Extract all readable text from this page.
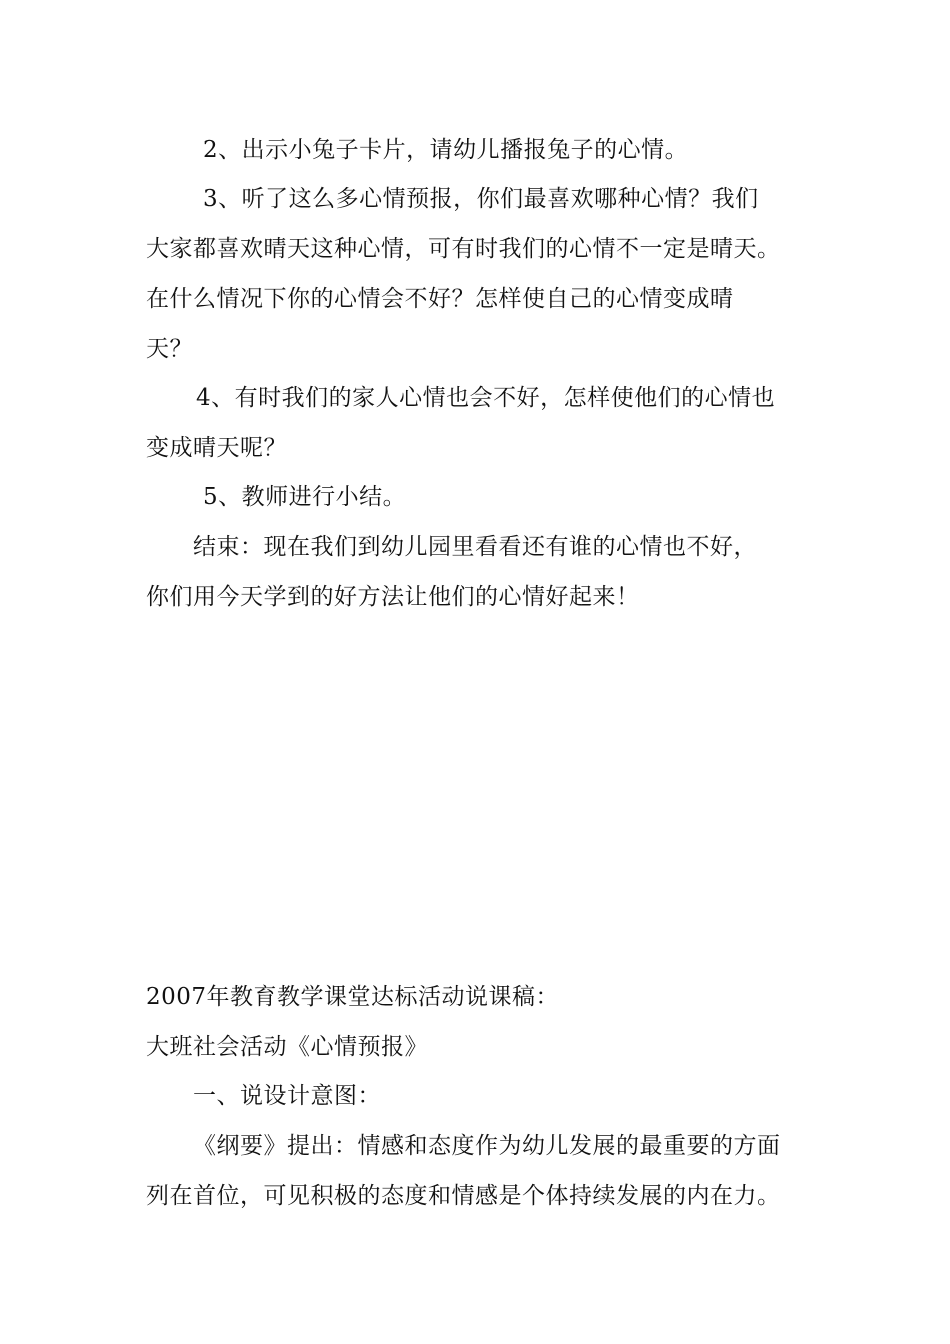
2、出示小兔子卡片，请幼儿播报兔子的心情。
3、听了这么多心情预报，你们最喜欢哪种心情？我们
大家都喜欢晴天这种心情，可有时我们的心情不一定是晴天。
在什么情况下你的心情会不好？怎样使自己的心情变成晴
天？
4、有时我们的家人心情也会不好，怎样使他们的心情也
变成晴天呢？
5、教师进行小结。
结束：现在我们到幼儿园里看看还有谁的心情也不好，
你们用今天学到的好方法让他们的心情好起来！
2007年教育教学课堂达标活动说课稿：
大班社会活动《心情预报》
一、说设计意图：
《纲要》提出：情感和态度作为幼儿发展的最重要的方面
列在首位，可见积极的态度和情感是个体持续发展的内在力。
